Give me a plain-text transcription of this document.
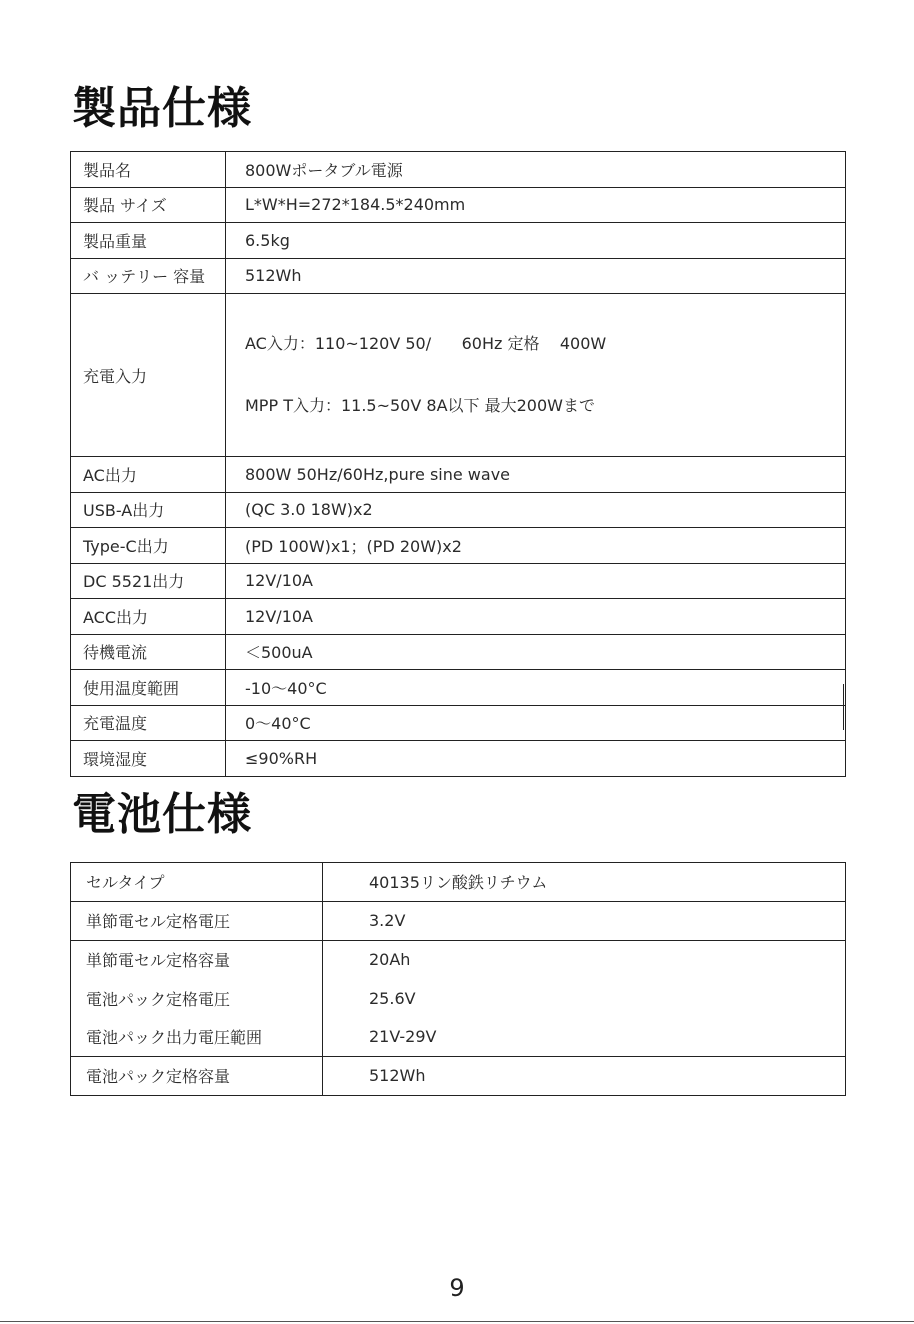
製品仕様
製品名	800Wポータブル電源
製品 サイズ	L*W*H=272*184.5*240mm
製品重量	6.5kg
バ ッテリー 容量	512Wh
充電入力	AC入力：110~120V 50/      60Hz 定格    400W

MPP T入力：11.5~50V 8A以下 最大200Wまで

AC出力	800W 50Hz/60Hz,pure sine wave
USB-A出力	(QC 3.0 18W)x2
Type-C出力	(PD 100W)x1；(PD 20W)x2
DC 5521出力	12V/10A
ACC出力	12V/10A
待機電流	＜500uA
使用温度範囲	-10～40°C
充電温度	0～40°C
環境湿度	≤90%RH
電池仕様
セルタイプ	40135リン酸鉄リチウム
単節電セル定格電圧	3.2V
単節電セル定格容量	20Ah
電池パック定格電圧	25.6V
電池パック出力電圧範囲	21V-29V
電池パック定格容量	512Wh
9
